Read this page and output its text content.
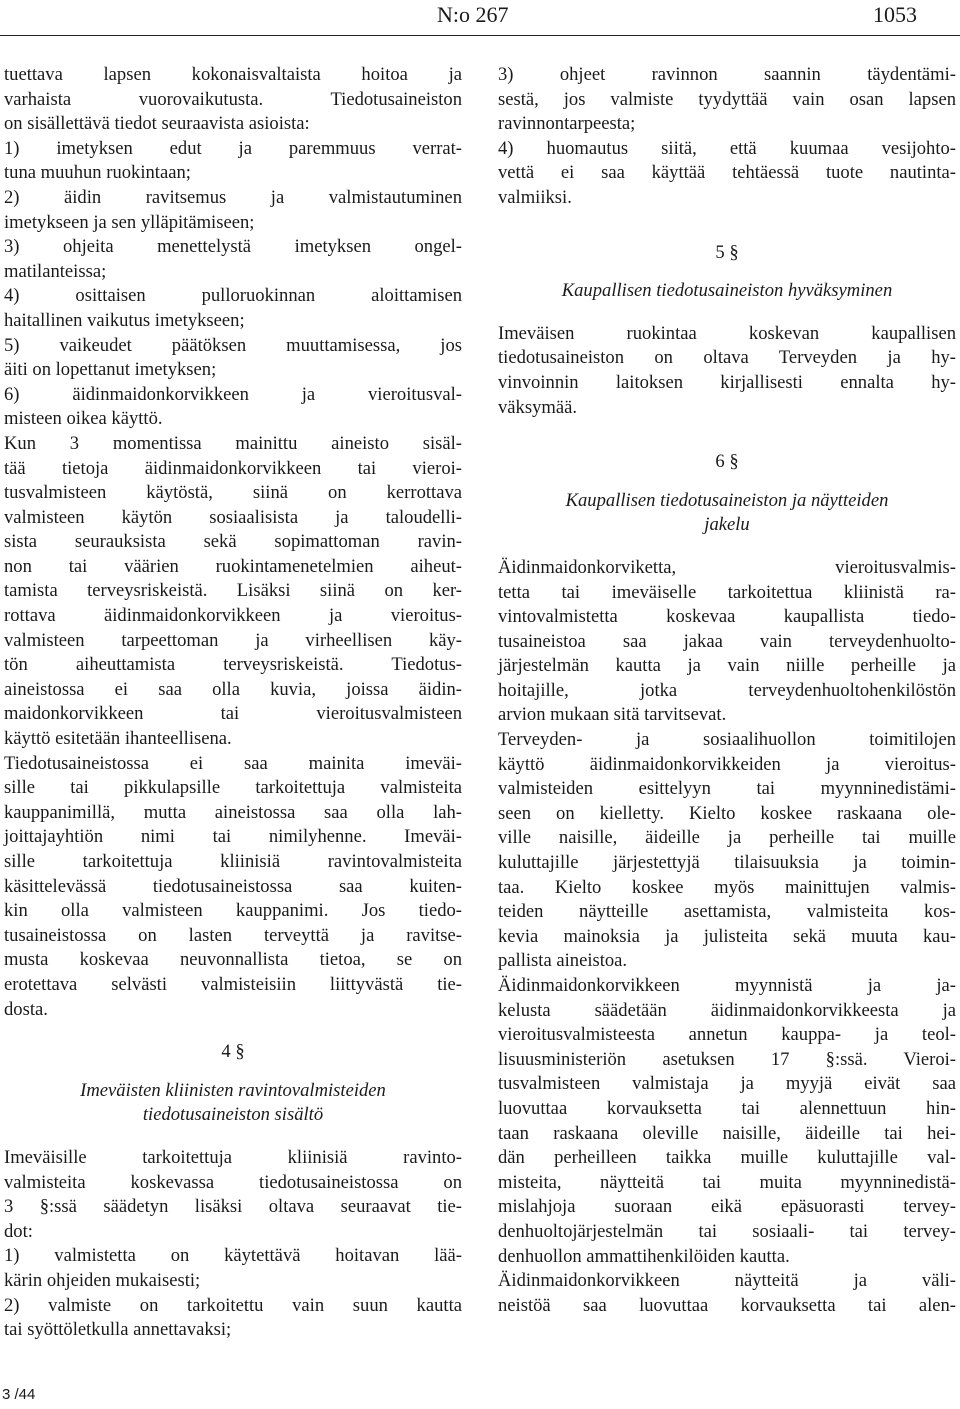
N:o 267	1053
tuettava lapsen kokonaisvaltaista hoitoa ja
varhaista vuorovaikutusta. Tiedotusaineiston
on sisällettävä tiedot seuraavista asioista:
1) imetyksen edut ja paremmuus verrat-
tuna muuhun ruokintaan;
2) äidin ravitsemus ja valmistautuminen
imetykseen ja sen ylläpitämiseen;
3) ohjeita menettelystä imetyksen ongel-
matilanteissa;
4) osittaisen pulloruokinnan aloittamisen
haitallinen vaikutus imetykseen;
5) vaikeudet päätöksen muuttamisessa, jos
äiti on lopettanut imetyksen;
6) äidinmaidonkorvikkeen ja vieroitusval-
misteen oikea käyttö.
Kun 3 momentissa mainittu aineisto sisäl-
tää tietoja äidinmaidonkorvikkeen tai vieroi-
tusvalmisteen käytöstä, siinä on kerrottava
valmisteen käytön sosiaalisista ja taloudelli-
sista seurauksista sekä sopimattoman ravin-
non tai väärien ruokintamenetelmien aiheut-
tamista terveysriskeistä. Lisäksi siinä on ker-
rottava äidinmaidonkorvikkeen ja vieroitus-
valmisteen tarpeettoman ja virheellisen käy-
tön aiheuttamista terveysriskeistä. Tiedotus-
aineistossa ei saa olla kuvia, joissa äidin-
maidonkorvikkeen tai vieroitusvalmisteen
käyttö esitetään ihanteellisena.
Tiedotusaineistossa ei saa mainita imeväi-
sille tai pikkulapsille tarkoitettuja valmisteita
kauppanimillä, mutta aineistossa saa olla lah-
joittajayhtiön nimi tai nimilyhenne. Imeväi-
sille tarkoitettuja kliinisiä ravintovalmisteita
käsittelevässä tiedotusaineistossa saa kuiten-
kin olla valmisteen kauppanimi. Jos tiedo-
tusaineistossa on lasten terveyttä ja ravitse-
musta koskevaa neuvonnallista tietoa, se on
erotettava selvästi valmisteisiin liittyvästä tie-
dosta.
4 §
Imeväisten kliinisten ravintovalmisteiden
tiedotusaineiston sisältö
Imeväisille tarkoitettuja kliinisiä ravinto-
valmisteita koskevassa tiedotusaineistossa on
3 §:ssä säädetyn lisäksi oltava seuraavat tie-
dot:
1) valmistetta on käytettävä hoitavan lää-
kärin ohjeiden mukaisesti;
2) valmiste on tarkoitettu vain suun kautta
tai syöttöletkulla annettavaksi;
3) ohjeet ravinnon saannin täydentämi-
sestä, jos valmiste tyydyttää vain osan lapsen
ravinnontarpeesta;
4) huomautus siitä, että kuumaa vesijohto-
vettä ei saa käyttää tehtäessä tuote nautinta-
valmiiksi.
5 §
Kaupallisen tiedotusaineiston hyväksyminen
Imeväisen ruokintaa koskevan kaupallisen
tiedotusaineiston on oltava Terveyden ja hy-
vinvoinnin laitoksen kirjallisesti ennalta hy-
väksymää.
6 §
Kaupallisen tiedotusaineiston ja näytteiden
jakelu
Äidinmaidonkorviketta, vieroitusvalmis-
tetta tai imeväiselle tarkoitettua kliinistä ra-
vintovalmistetta koskevaa kaupallista tiedo-
tusaineistoa saa jakaa vain terveydenhuolto-
järjestelmän kautta ja vain niille perheille ja
hoitajille, jotka terveydenhuoltohenkilöstön
arvion mukaan sitä tarvitsevat.
Terveyden- ja sosiaalihuollon toimitilojen
käyttö äidinmaidonkorvikkeiden ja vieroitus-
valmisteiden esittelyyn tai myynninedistämi-
seen on kielletty. Kielto koskee raskaana ole-
ville naisille, äideille ja perheille tai muille
kuluttajille järjestettyjä tilaisuuksia ja toimin-
taa. Kielto koskee myös mainittujen valmis-
teiden näytteille asettamista, valmisteita kos-
kevia mainoksia ja julisteita sekä muuta kau-
pallista aineistoa.
Äidinmaidonkorvikkeen myynnistä ja ja-
kelusta säädetään äidinmaidonkorvikkeesta ja
vieroitusvalmisteesta annetun kauppa- ja teol-
lisuusministeriön asetuksen 17 §:ssä. Vieroi-
tusvalmisteen valmistaja ja myyjä eivät saa
luovuttaa korvauksetta tai alennettuun hin-
taan raskaana oleville naisille, äideille tai hei-
dän perheilleen taikka muille kuluttajille val-
misteita, näytteitä tai muita myynninedistä-
mislahjoja suoraan eikä epäsuorasti tervey-
denhuoltojärjestelmän tai sosiaali- tai tervey-
denhuollon ammattihenkilöiden kautta.
Äidinmaidonkorvikkeen näytteitä ja väli-
neistöä saa luovuttaa korvauksetta tai alen-
3 /44
